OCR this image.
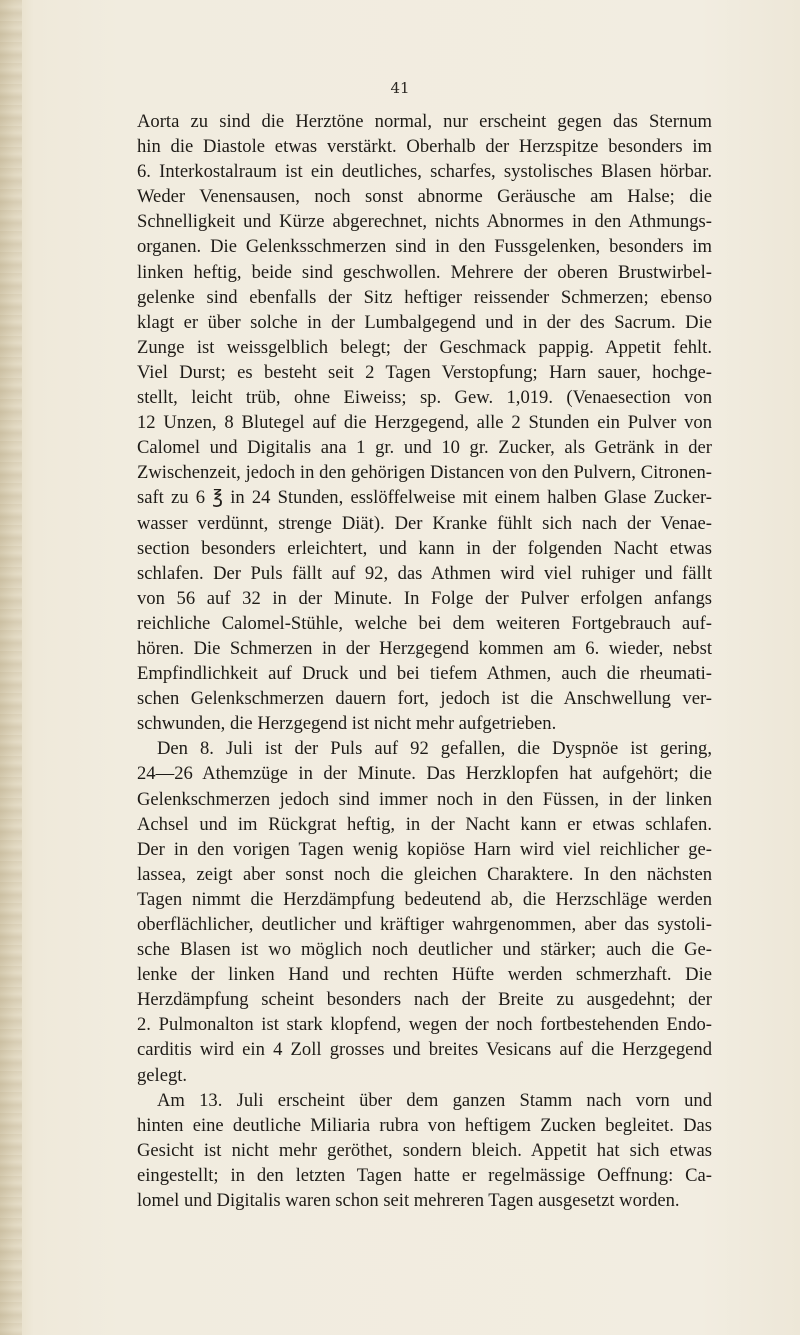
41

Aorta zu sind die Herztöne normal, nur erscheint gegen das Sternum
hin die Diastole etwas verstärkt. Oberhalb der Herzspitze besonders im
6. Interkostalraum ist ein deutliches, scharfes, systolisches Blasen hörbar.
Weder Venensausen, noch sonst abnorme Geräusche am Halse; die
Schnelligkeit und Kürze abgerechnet, nichts Abnormes in den Athmungs-
organen. Die Gelenksschmerzen sind in den Fussgelenken, besonders im
linken heftig, beide sind geschwollen. Mehrere der oberen Brustwirbel-
gelenke sind ebenfalls der Sitz heftiger reissender Schmerzen; ebenso
klagt er über solche in der Lumbalgegend und in der des Sacrum. Die
Zunge ist weissgelblich belegt; der Geschmack pappig. Appetit fehlt.
Viel Durst; es besteht seit 2 Tagen Verstopfung; Harn sauer, hochge-
stellt, leicht trüb, ohne Eiweiss; sp. Gew. 1,019. (Venaesection von
12 Unzen, 8 Blutegel auf die Herzgegend, alle 2 Stunden ein Pulver von
Calomel und Digitalis ana 1 gr. und 10 gr. Zucker, als Getränk in der
Zwischenzeit, jedoch in den gehörigen Distancen von den Pulvern, Citronen-
saft zu 6 ℥ in 24 Stunden, esslöffelweise mit einem halben Glase Zucker-
wasser verdünnt, strenge Diät). Der Kranke fühlt sich nach der Venae-
section besonders erleichtert, und kann in der folgenden Nacht etwas
schlafen. Der Puls fällt auf 92, das Athmen wird viel ruhiger und fällt
von 56 auf 32 in der Minute. In Folge der Pulver erfolgen anfangs
reichliche Calomel-Stühle, welche bei dem weiteren Fortgebrauch auf-
hören. Die Schmerzen in der Herzgegend kommen am 6. wieder, nebst
Empfindlichkeit auf Druck und bei tiefem Athmen, auch die rheumati-
schen Gelenkschmerzen dauern fort, jedoch ist die Anschwellung ver-
schwunden, die Herzgegend ist nicht mehr aufgetrieben.
Den 8. Juli ist der Puls auf 92 gefallen, die Dyspnöe ist gering,
24—26 Athemzüge in der Minute. Das Herzklopfen hat aufgehört; die
Gelenkschmerzen jedoch sind immer noch in den Füssen, in der linken
Achsel und im Rückgrat heftig, in der Nacht kann er etwas schlafen.
Der in den vorigen Tagen wenig kopiöse Harn wird viel reichlicher ge-
lassea, zeigt aber sonst noch die gleichen Charaktere. In den nächsten
Tagen nimmt die Herzdämpfung bedeutend ab, die Herzschläge werden
oberflächlicher, deutlicher und kräftiger wahrgenommen, aber das systoli-
sche Blasen ist wo möglich noch deutlicher und stärker; auch die Ge-
lenke der linken Hand und rechten Hüfte werden schmerzhaft. Die
Herzdämpfung scheint besonders nach der Breite zu ausgedehnt; der
2. Pulmonalton ist stark klopfend, wegen der noch fortbestehenden Endo-
carditis wird ein 4 Zoll grosses und breites Vesicans auf die Herzgegend
gelegt.
Am 13. Juli erscheint über dem ganzen Stamm nach vorn und
hinten eine deutliche Miliaria rubra von heftigem Zucken begleitet. Das
Gesicht ist nicht mehr geröthet, sondern bleich. Appetit hat sich etwas
eingestellt; in den letzten Tagen hatte er regelmässige Oeffnung: Ca-
lomel und Digitalis waren schon seit mehreren Tagen ausgesetzt worden.
